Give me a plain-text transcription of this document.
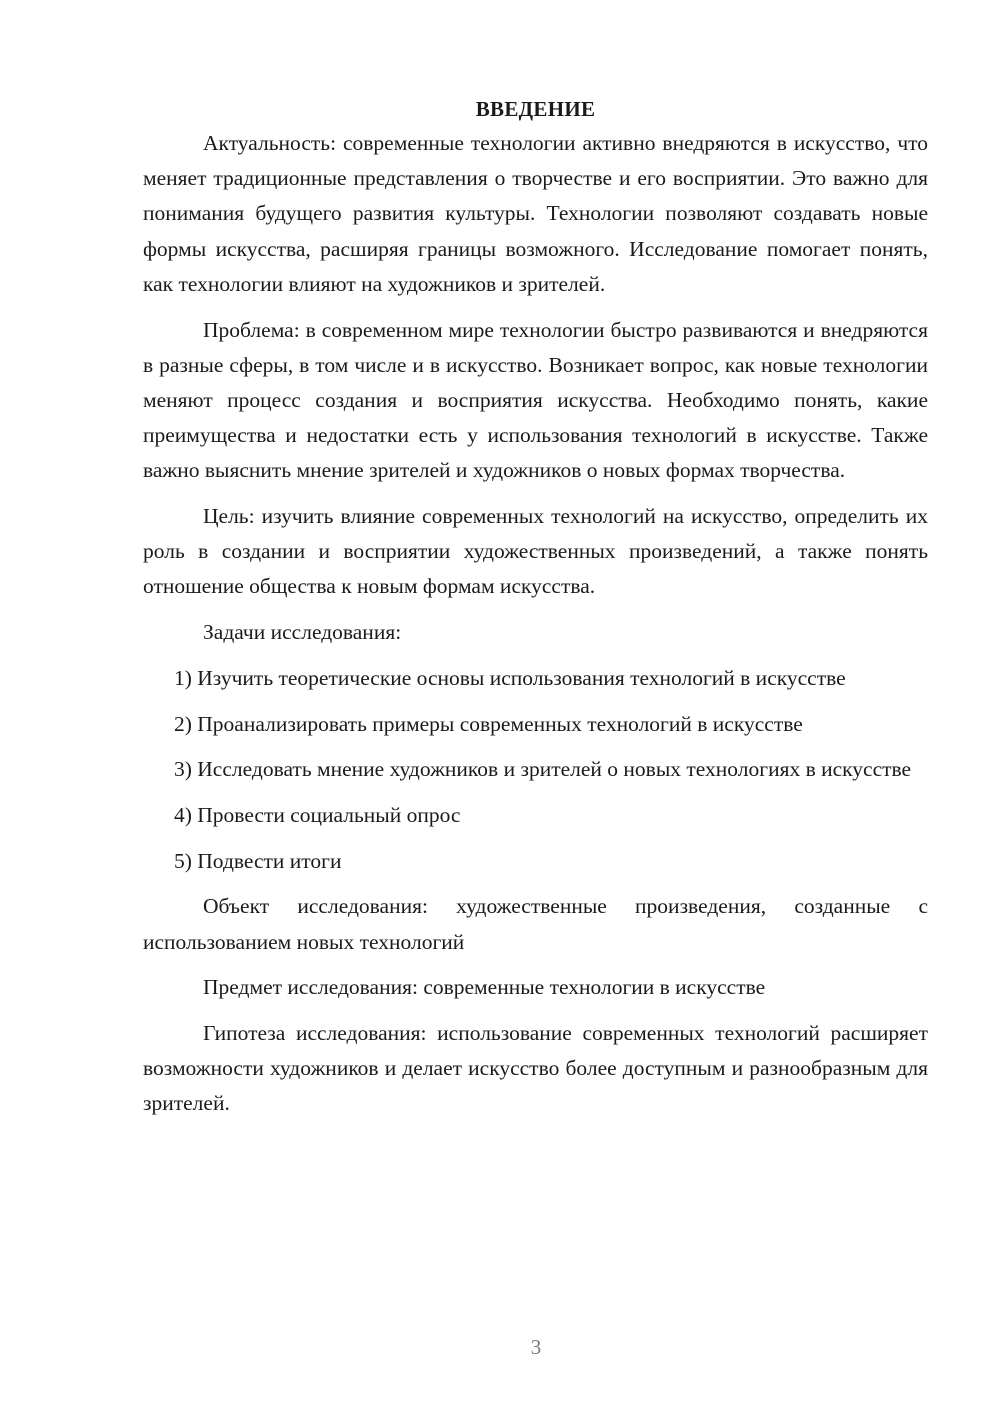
ВВЕДЕНИЕ

Актуальность: современные технологии активно внедряются в искусство, что меняет традиционные представления о творчестве и его восприятии. Это важно для понимания будущего развития культуры. Технологии позволяют создавать новые формы искусства, расширяя границы возможного. Исследование помогает понять, как технологии влияют на художников и зрителей.

Проблема: в современном мире технологии быстро развиваются и внедряются в разные сферы, в том числе и в искусство. Возникает вопрос, как новые технологии меняют процесс создания и восприятия искусства. Необходимо понять, какие преимущества и недостатки есть у использования технологий в искусстве. Также важно выяснить мнение зрителей и художников о новых формах творчества.

Цель: изучить влияние современных технологий на искусство, определить их роль в создании и восприятии художественных произведений, а также понять отношение общества к новым формам искусства.

Задачи исследования:

1) Изучить теоретические основы использования технологий в искусстве

2) Проанализировать примеры современных технологий в искусстве

3) Исследовать мнение художников и зрителей о новых технологиях в искусстве

4) Провести социальный опрос

5) Подвести итоги

Объект исследования: художественные произведения, созданные с использованием новых технологий

Предмет исследования: современные технологии в искусстве

Гипотеза исследования: использование современных технологий расширяет возможности художников и делает искусство более доступным и разнообразным для зрителей.

3
